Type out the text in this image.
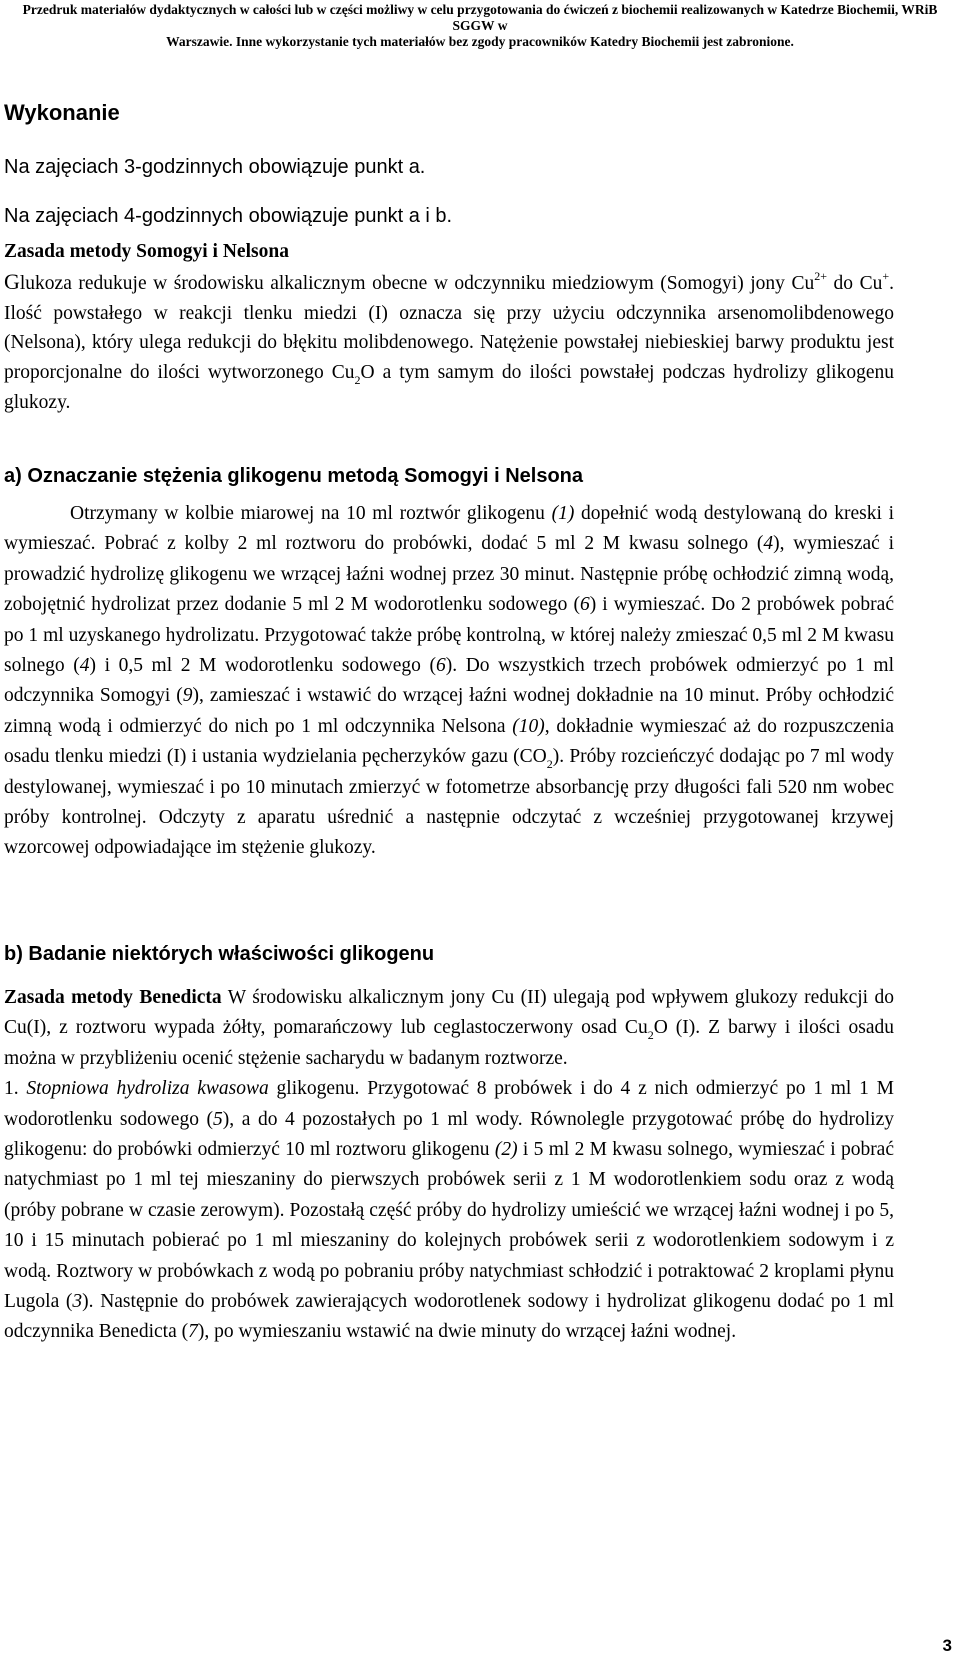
Przedruk materiałów dydaktycznych w całości lub w części możliwy w celu przygotowania do ćwiczeń z biochemii realizowanych w Katedrze Biochemii, WRiB SGGW w
Warszawie. Inne wykorzystanie tych materiałów bez zgody pracowników Katedry Biochemii jest zabronione.
Wykonanie

Na zajęciach 3-godzinnych obowiązuje punkt a.

Na zajęciach 4-godzinnych obowiązuje punkt a i b.

Zasada metody Somogyi i Nelsona
Glukoza redukuje w środowisku alkalicznym obecne w odczynniku miedziowym (Somogyi) jony $Cu^{2+}$ do Cu+. Ilość powstałego w reakcji tlenku miedzi (I) oznacza się przy użyciu odczynnika arsenomolibdenowego (Nelsona), który ulega redukcji do błękitu molibdenowego. Natężenie powstałej niebieskiej barwy produktu jest proporcjonalne do ilości wytworzonego $Cu_2O$ a tym samym do ilości powstałej podczas hydrolizy glikogenu glukozy.

a) Oznaczanie stężenia glikogenu metodą Somogyi i Nelsona

Otrzymany w kolbie miarowej na 10 ml roztwór glikogenu (1) dopełnić wodą destylowaną do kreski i wymieszać. Pobrać z kolby 2 ml roztworu do probówki, dodać 5 ml 2 M kwasu solnego (4), wymieszać i prowadzić hydrolizę glikogenu we wrzącej łaźni wodnej przez 30 minut. Następnie próbę ochłodzić zimną wodą, zobojętnić hydrolizat przez dodanie 5 ml 2 M wodorotlenku sodowego (6) i wymieszać. Do 2 probówek pobrać po 1 ml uzyskanego hydrolizatu. Przygotować także próbę kontrolną, w której należy zmieszać 0,5 ml 2 M kwasu solnego (4) i 0,5 ml 2 M wodorotlenku sodowego (6). Do wszystkich trzech probówek odmierzyć po 1 ml odczynnika Somogyi (9), zamieszać i wstawić do wrzącej łaźni wodnej dokładnie na 10 minut. Próby ochłodzić zimną wodą i odmierzyć do nich po 1 ml odczynnika Nelsona (10), dokładnie wymieszać aż do rozpuszczenia osadu tlenku miedzi (I) i ustania wydzielania pęcherzyków gazu $(CO_2)$. Próby rozcieńczyć dodając po 7 ml wody destylowanej, wymieszać i po 10 minutach zmierzyć w fotometrze absorbancję przy długości fali 520 nm wobec próby kontrolnej. Odczyty z aparatu uśrednić a następnie odczytać z wcześniej przygotowanej krzywej wzorcowej odpowiadające im stężenie glukozy.

b) Badanie niektórych właściwości glikogenu

Zasada metody Benedicta W środowisku alkalicznym jony Cu (II) ulegają pod wpływem glukozy redukcji do Cu(I), z roztworu wypada żółty, pomarańczowy lub ceglastoczerwony osad $Cu_2O$ (I). Z barwy i ilości osadu można w przybliżeniu ocenić stężenie sacharydu w badanym roztworze.
1. Stopniowa hydroliza kwasowa glikogenu. Przygotować 8 probówek i do 4 z nich odmierzyć po 1 ml 1 M wodorotlenku sodowego (5), a do 4 pozostałych po 1 ml wody. Równolegle przygotować próbę do hydrolizy glikogenu: do probówki odmierzyć 10 ml roztworu glikogenu (2) i 5 ml 2 M kwasu solnego, wymieszać i pobrać natychmiast po 1 ml tej mieszaniny do pierwszych probówek serii z 1 M wodorotlenkiem sodu oraz z wodą (próby pobrane w czasie zerowym). Pozostałą część próby do hydrolizy umieścić we wrzącej łaźni wodnej i po 5, 10 i 15 minutach pobierać po 1 ml mieszaniny do kolejnych probówek serii z wodorotlenkiem sodowym i z wodą. Roztwory w probówkach z wodą po pobraniu próby natychmiast schłodzić i potraktować 2 kroplami płynu Lugola (3). Następnie do probówek zawierających wodorotlenek sodowy i hydrolizat glikogenu dodać po 1 ml odczynnika Benedicta (7), po wymieszaniu wstawić na dwie minuty do wrzącej łaźni wodnej.

3
